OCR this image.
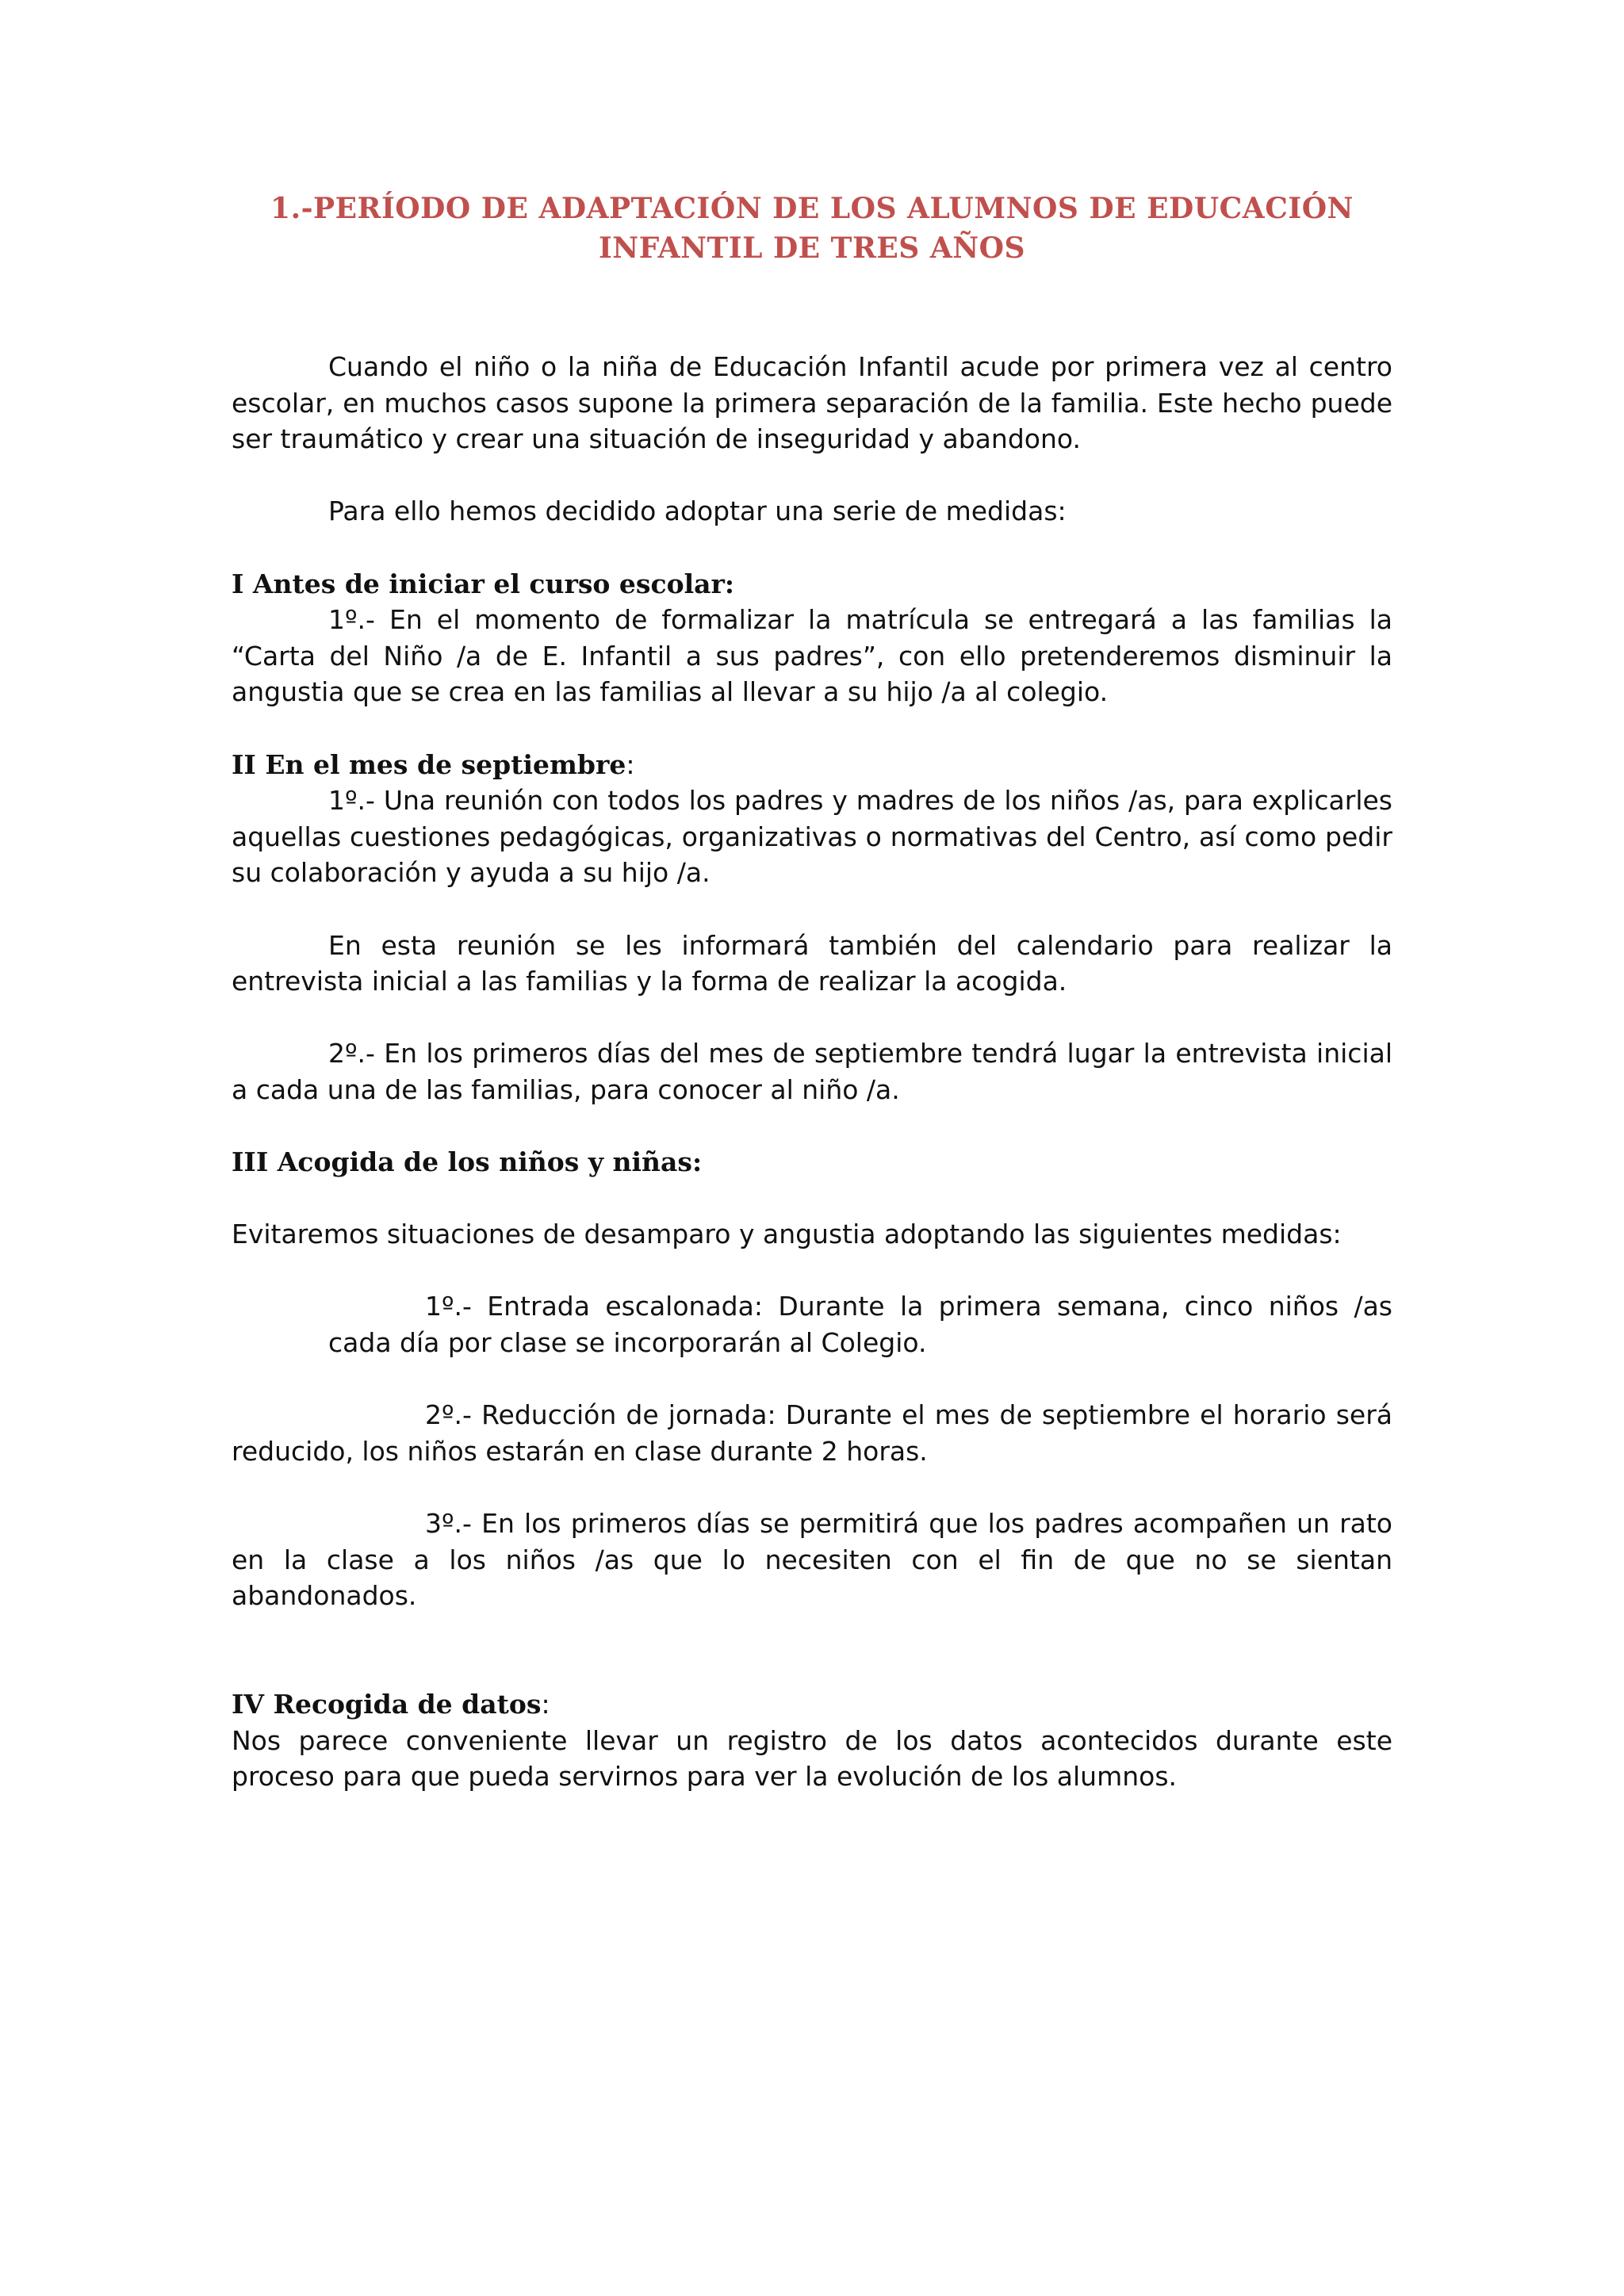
1.-PERÍODO DE ADAPTACIÓN DE LOS ALUMNOS DE EDUCACIÓN
INFANTIL DE TRES AÑOS

Cuando el niño o la niña de Educación Infantil acude por primera vez al centro escolar, en muchos casos supone la primera separación de la familia. Este hecho puede ser traumático y crear una situación de inseguridad y abandono.

Para ello hemos decidido adoptar una serie de medidas:

I Antes de iniciar el curso escolar:

1º.- En el momento de formalizar la matrícula se entregará a las familias la “Carta del Niño /a de E. Infantil a sus padres”, con ello pretenderemos disminuir la angustia que se crea en las familias al llevar a su hijo /a al colegio.

II En el mes de septiembre:

1º.- Una reunión con todos los padres y madres de los niños /as, para explicarles aquellas cuestiones pedagógicas, organizativas o normativas del Centro, así como pedir su colaboración y ayuda a su hijo /a.

En esta reunión se les informará también del calendario para realizar la entrevista inicial a las familias y la forma de realizar la acogida.

2º.- En los primeros días del mes de septiembre tendrá lugar la entrevista inicial a cada una de las familias, para conocer al niño /a.

III Acogida de los niños y niñas:

Evitaremos situaciones de desamparo y angustia adoptando las siguientes medidas:

1º.- Entrada escalonada: Durante la primera semana, cinco niños /as cada día por clase se incorporarán al Colegio.

2º.- Reducción de jornada: Durante el mes de septiembre el horario será reducido, los niños estarán en clase durante 2 horas.

3º.- En los primeros días se permitirá que los padres acompañen un rato en la clase a los niños /as que lo necesiten con el fin de que no se sientan abandonados.

IV Recogida de datos:

Nos parece conveniente llevar un registro de los datos acontecidos durante este proceso para que pueda servirnos para ver la evolución de los alumnos.
